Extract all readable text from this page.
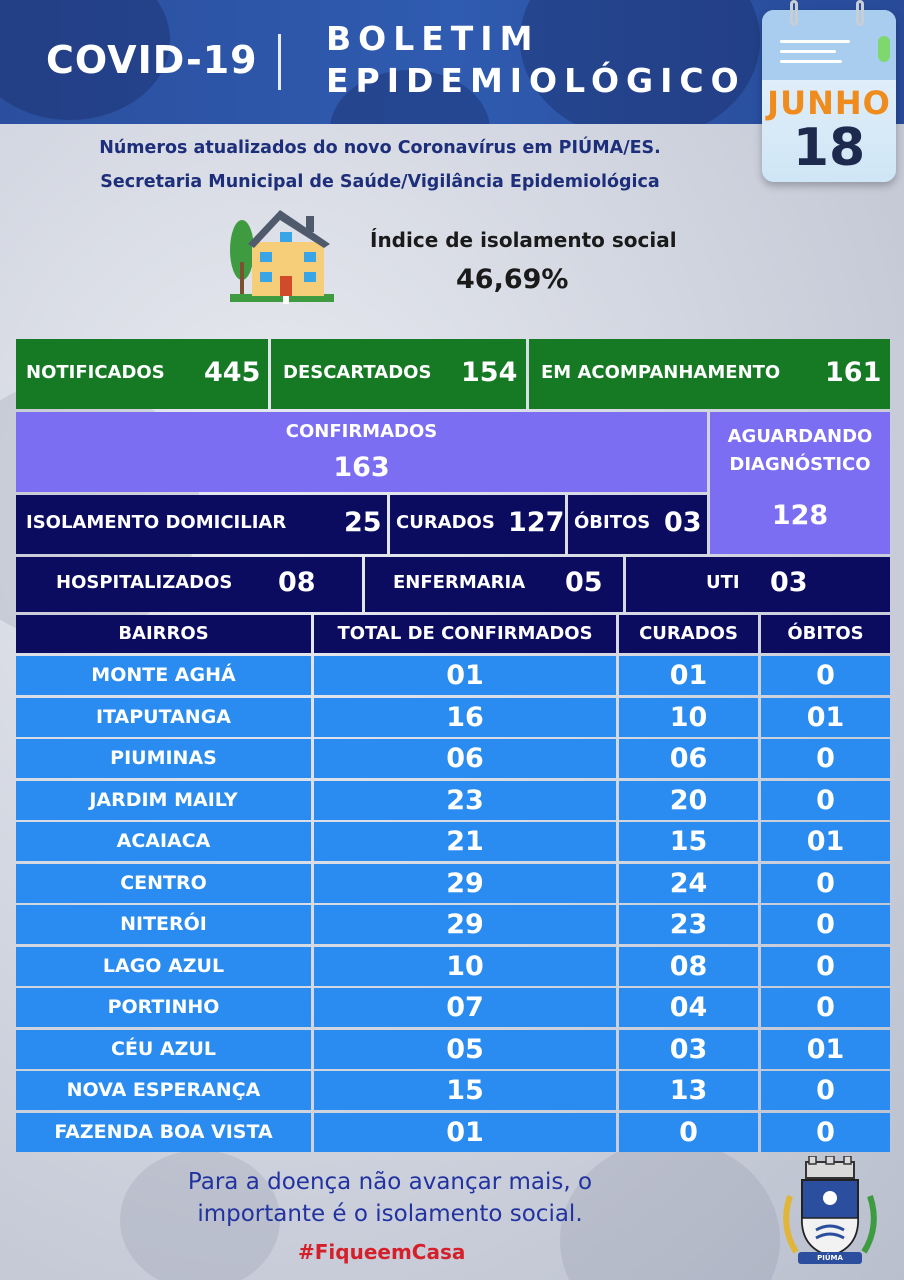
COVID-19 BOLETIM
EPIDEMIOLÓGICO
JUNHO
18
Números atualizados do novo Coronavírus em PIÚMA/ES.
Secretaria Municipal de Saúde/Vigilância Epidemiológica
Índice de isolamento social
46,69%
NOTIFICADOS 445 DESCARTADOS 154 EM ACOMPANHAMENTO 161
CONFIRMADOS
163
AGUARDANDO
DIAGNÓSTICO
128
ISOLAMENTO DOMICILIAR 25 CURADOS 127 ÓBITOS 03
HOSPITALIZADOS 08	ENFERMARIA 05	UTI 03
BAIRROS	TOTAL DE CONFIRMADOS	CURADOS	ÓBITOS
MONTE AGHÁ	01	01	0
ITAPUTANGA	16	10	01
PIUMINAS	06	06	0
JARDIM MAILY	23	20	0
ACAIACA	21	15	01
CENTRO	29	24	0
NITERÓI	29	23	0
LAGO AZUL	10	08	0
PORTINHO	07	04	0
CÉU AZUL	05	03	01
NOVA ESPERANÇA	15	13	0
FAZENDA BOA VISTA	01	0	0
Para a doença não avançar mais, o
importante é o isolamento social.
#FiqueemCasa	PIÚMA
